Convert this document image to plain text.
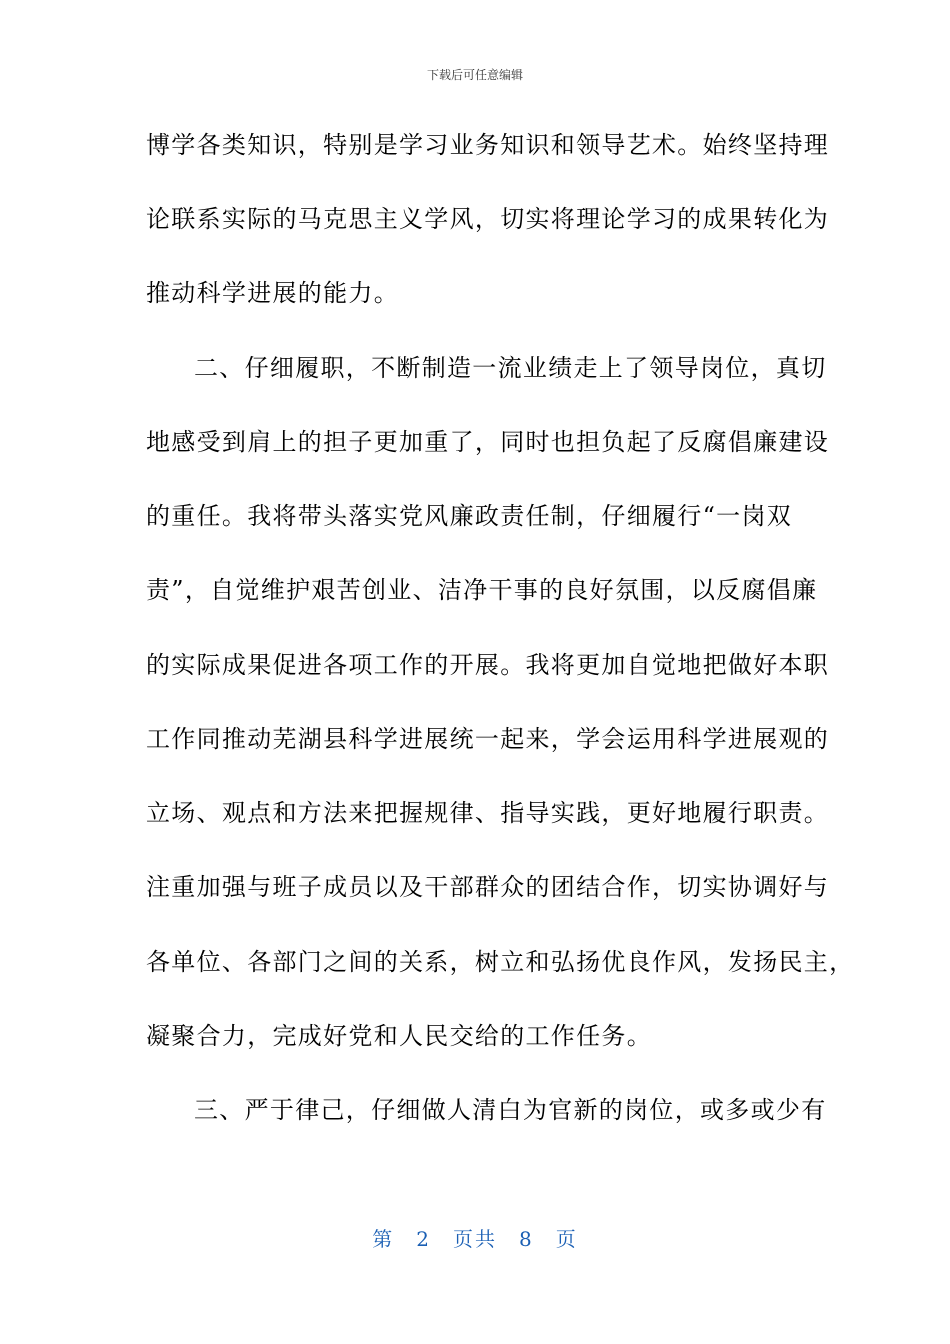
下载后可任意编辑
博学各类知识，特别是学习业务知识和领导艺术。始终坚持理
论联系实际的马克思主义学风，切实将理论学习的成果转化为
推动科学进展的能力。
二、仔细履职，不断制造一流业绩走上了领导岗位，真切
地感受到肩上的担子更加重了，同时也担负起了反腐倡廉建设
的重任。我将带头落实党风廉政责任制，仔细履行“一岗双
责”，自觉维护艰苦创业、洁净干事的良好氛围，以反腐倡廉
的实际成果促进各项工作的开展。我将更加自觉地把做好本职
工作同推动芜湖县科学进展统一起来，学会运用科学进展观的
立场、观点和方法来把握规律、指导实践，更好地履行职责。
注重加强与班子成员以及干部群众的团结合作，切实协调好与
各单位、各部门之间的关系，树立和弘扬优良作风，发扬民主，
凝聚合力，完成好党和人民交给的工作任务。
三、严于律己，仔细做人清白为官新的岗位，或多或少有
第 2 页共 8 页
